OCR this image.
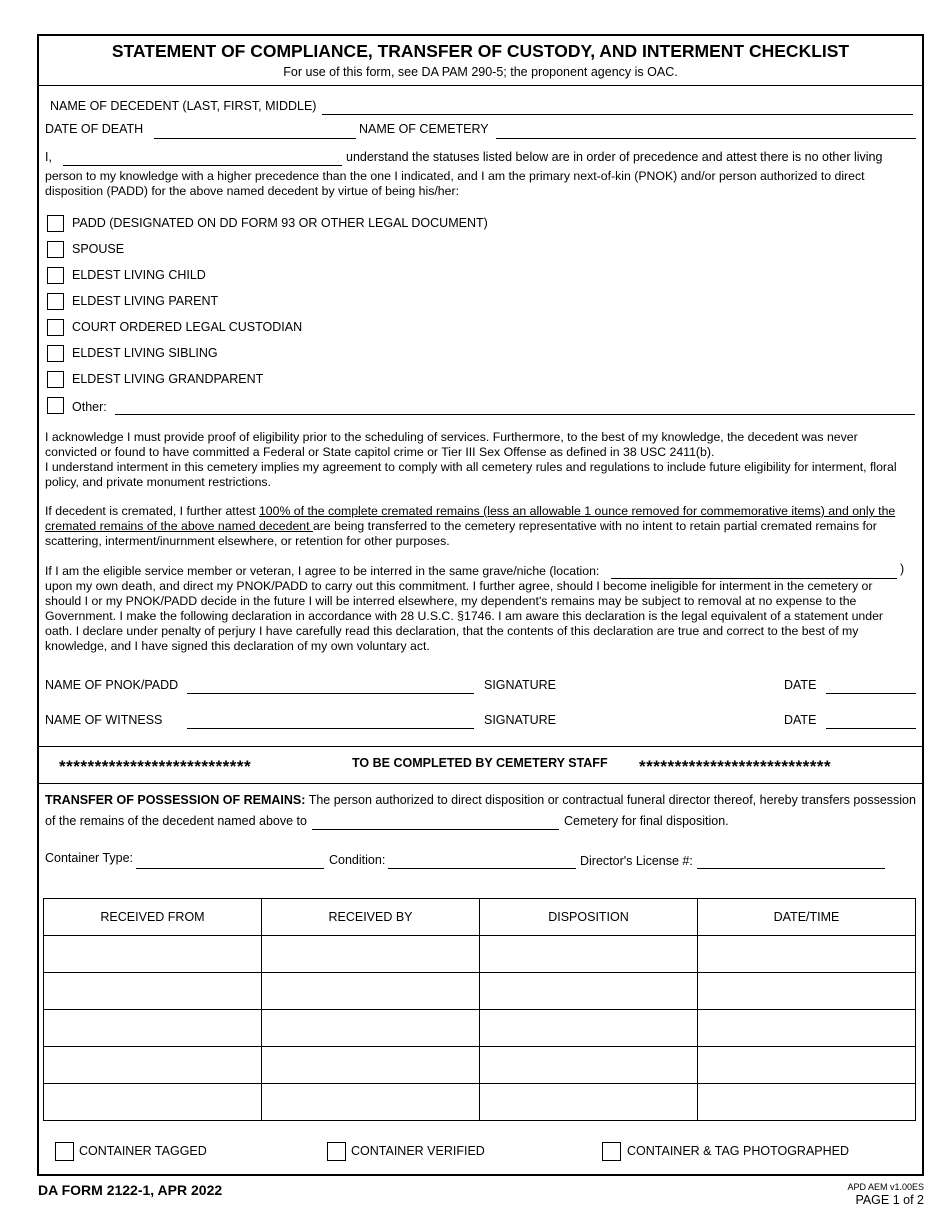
STATEMENT OF COMPLIANCE, TRANSFER OF CUSTODY, AND INTERMENT CHECKLIST
For use of this form, see DA PAM 290-5; the proponent agency is OAC.
NAME OF DECEDENT (LAST, FIRST, MIDDLE)
DATE OF DEATH	NAME OF CEMETERY
I,	understand the statuses listed below are in order of precedence and attest there is no other living
person to my knowledge with a higher precedence than the one I indicated, and I am the primary next-of-kin (PNOK) and/or person authorized to direct disposition (PADD) for the above named decedent by virtue of being his/her:
PADD (DESIGNATED ON DD FORM 93 OR OTHER LEGAL DOCUMENT)
SPOUSE
ELDEST LIVING CHILD
ELDEST LIVING PARENT
COURT ORDERED LEGAL CUSTODIAN
ELDEST LIVING SIBLING
ELDEST LIVING GRANDPARENT
Other:
I acknowledge I must provide proof of eligibility prior to the scheduling of services. Furthermore, to the best of my knowledge, the decedent was never convicted or found to have committed a Federal or State capitol crime or Tier III Sex Offense as defined in 38 USC 2411(b).
I understand interment in this cemetery implies my agreement to comply with all cemetery rules and regulations to include future eligibility for interment, floral policy, and private monument restrictions.
If decedent is cremated, I further attest 100% of the complete cremated remains (less an allowable 1 ounce removed for commemorative items) and only the cremated remains of the above named decedent are being transferred to the cemetery representative with no intent to retain partial cremated remains for scattering, interment/inurnment elsewhere, or retention for other purposes.
If I am the eligible service member or veteran, I agree to be interred in the same grave/niche (location:	)
upon my own death, and direct my PNOK/PADD to carry out this commitment. I further agree, should I become ineligible for interment in the cemetery or should I or my PNOK/PADD decide in the future I will be interred elsewhere, my dependent's remains may be subject to removal at no expense to the Government. I make the following declaration in accordance with 28 U.S.C. §1746. I am aware this declaration is the legal equivalent of a statement under oath. I declare under penalty of perjury I have carefully read this declaration, that the contents of this declaration are true and correct to the best of my knowledge, and I have signed this declaration of my own voluntary act.
NAME OF PNOK/PADD	SIGNATURE	DATE
NAME OF WITNESS	SIGNATURE	DATE
***************************	TO BE COMPLETED BY CEMETERY STAFF ***************************
TRANSFER OF POSSESSION OF REMAINS: The person authorized to direct disposition or contractual funeral director thereof, hereby transfers possession
of the remains of the decedent named above to	Cemetery for final disposition.
Container Type:	Condition:	Director's License #:
RECEIVED FROM	RECEIVED BY	DISPOSITION	DATE/TIME

CONTAINER TAGGED	CONTAINER VERIFIED	CONTAINER & TAG PHOTOGRAPHED
DA FORM 2122-1, APR 2022	APD AEM v1.00ES
PAGE 1 of 2
